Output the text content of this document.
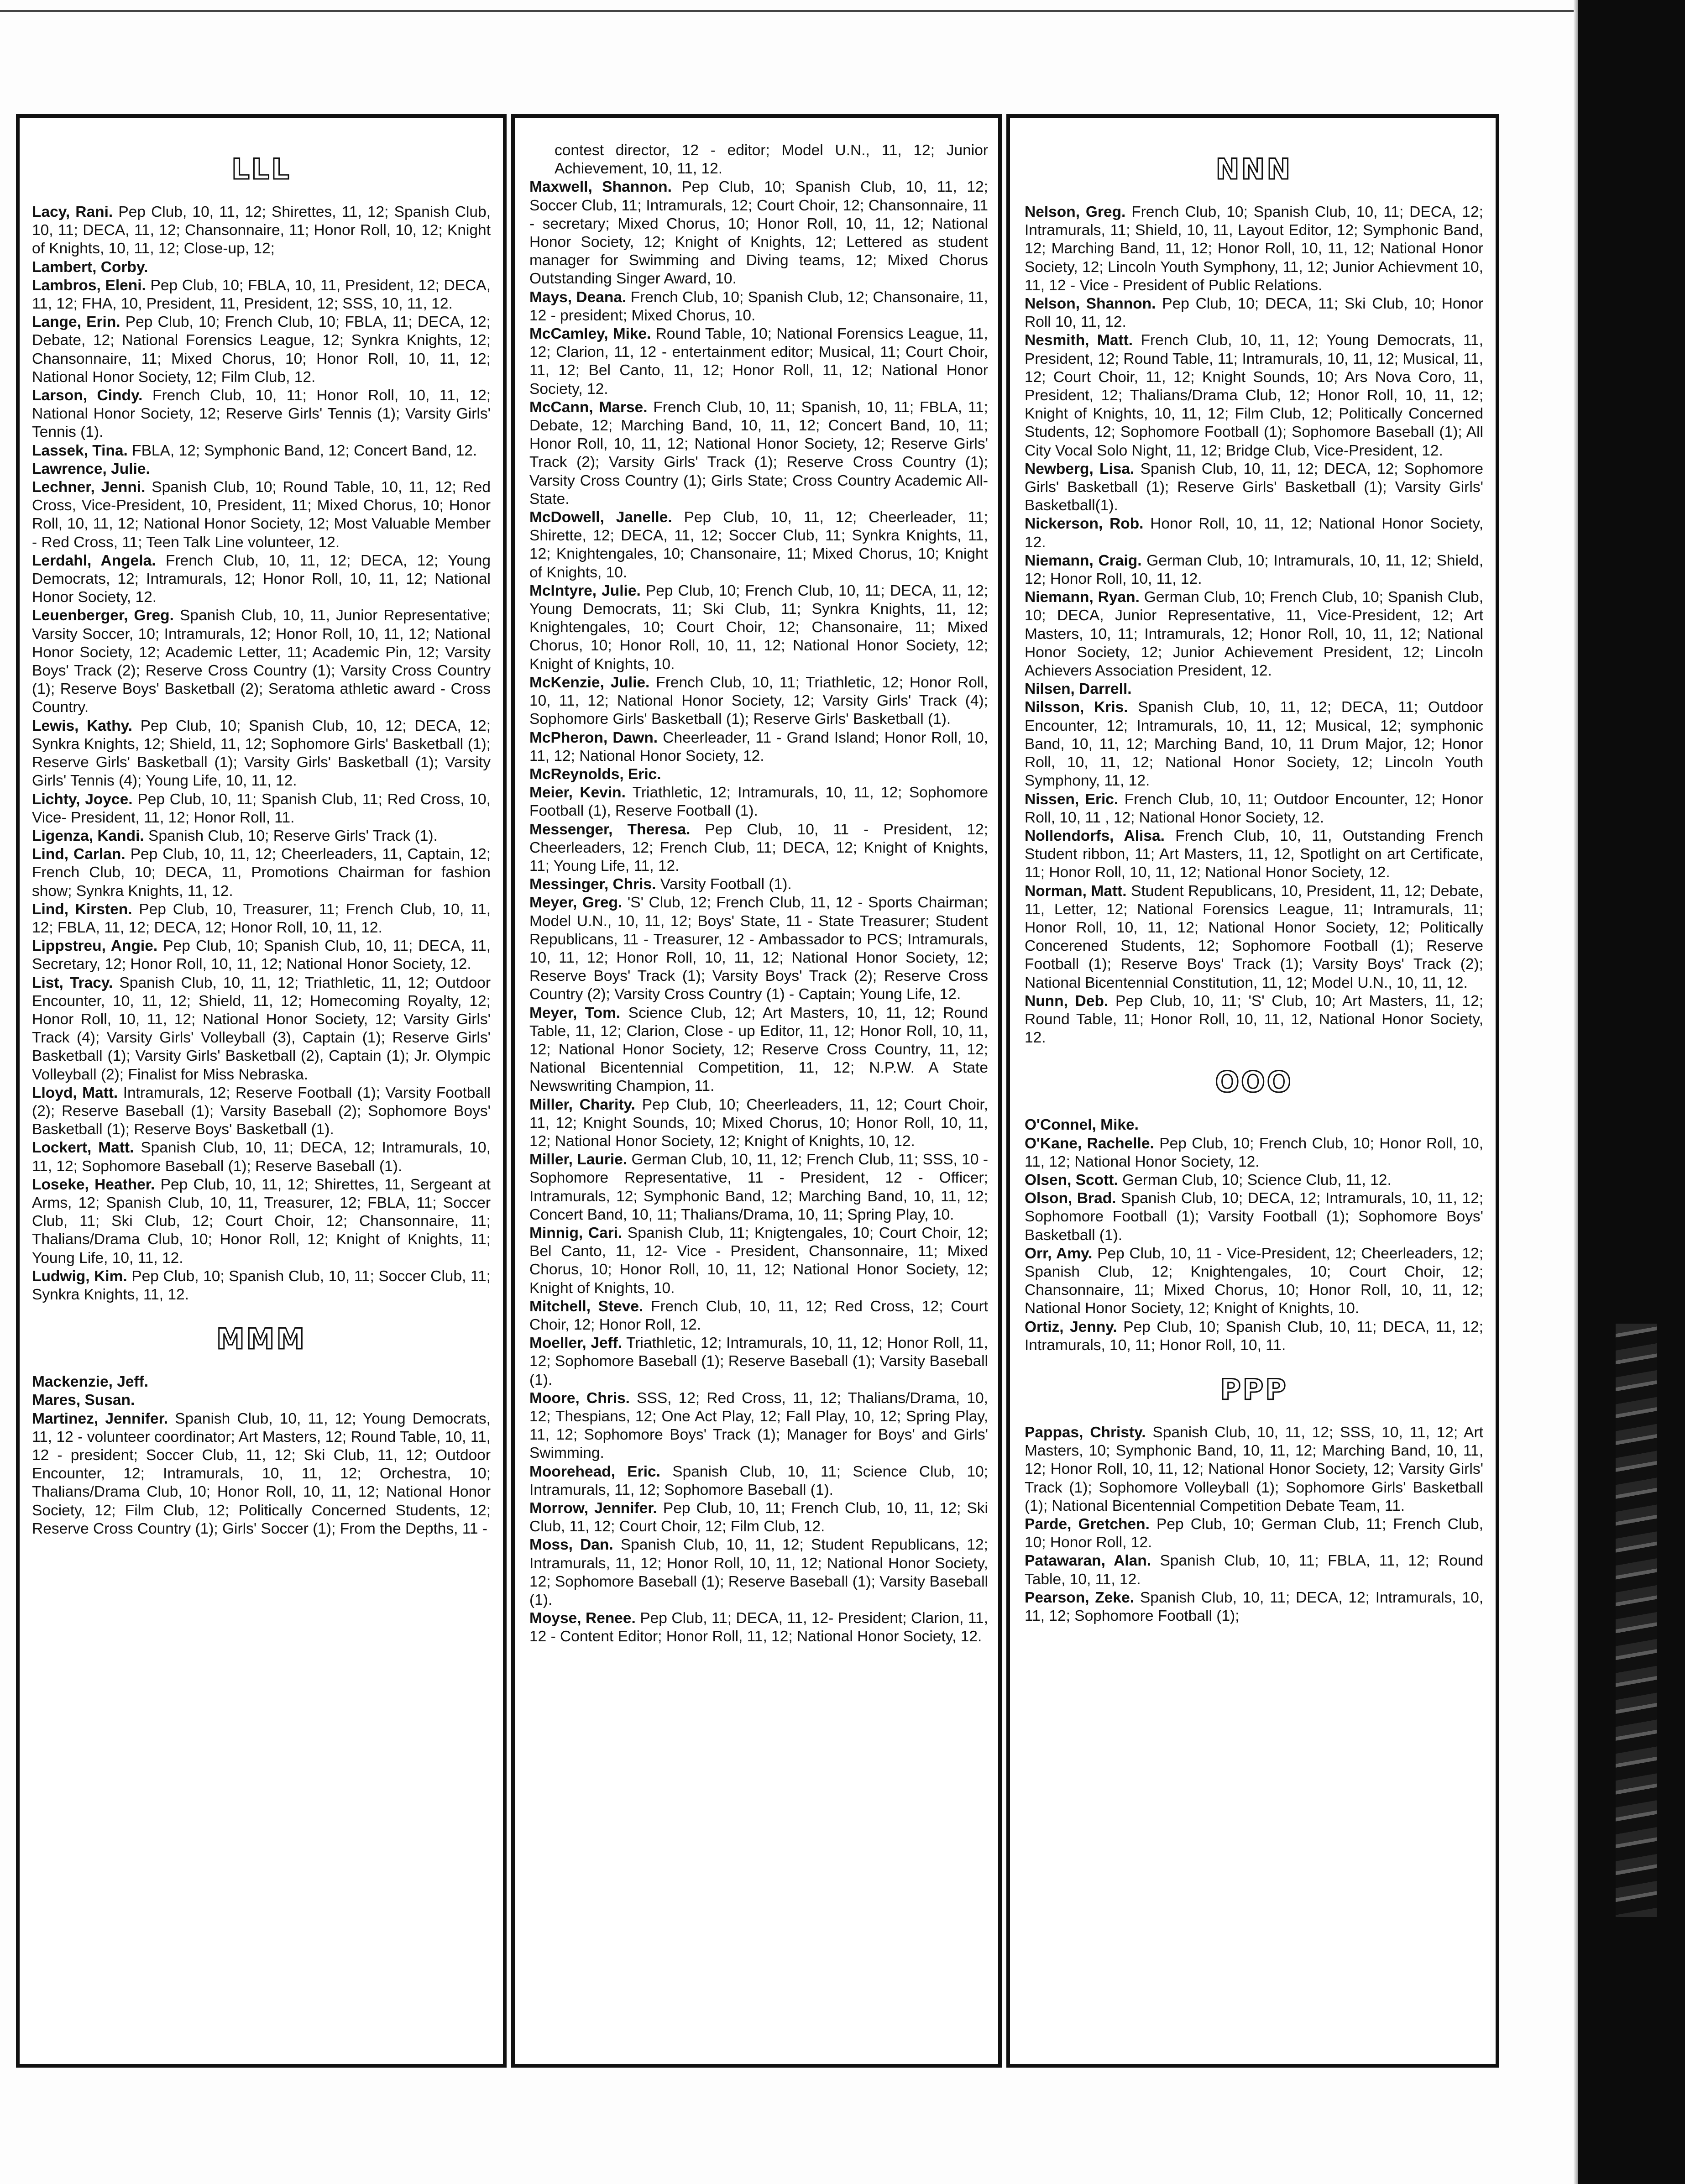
LLL

Lacy, Rani. Pep Club, 10, 11, 12; Shirettes, 11, 12; Spanish Club, 10, 11; DECA, 11, 12; Chansonnaire, 11; Honor Roll, 10, 12; Knight of Knights, 10, 11, 12; Close-up, 12;

Lambert, Corby.

Lambros, Eleni. Pep Club, 10; FBLA, 10, 11, President, 12; DECA, 11, 12; FHA, 10, President, 11, President, 12; SSS, 10, 11, 12.

Lange, Erin. Pep Club, 10; French Club, 10; FBLA, 11; DECA, 12; Debate, 12; National Forensics League, 12; Synkra Knights, 12; Chansonnaire, 11; Mixed Chorus, 10; Honor Roll, 10, 11, 12; National Honor Society, 12; Film Club, 12.

Larson, Cindy. French Club, 10, 11; Honor Roll, 10, 11, 12; National Honor Society, 12; Reserve Girls' Tennis (1); Varsity Girls' Tennis (1).

Lassek, Tina. FBLA, 12; Symphonic Band, 12; Concert Band, 12.

Lawrence, Julie.

Lechner, Jenni. Spanish Club, 10; Round Table, 10, 11, 12; Red Cross, Vice-President, 10, President, 11; Mixed Chorus, 10; Honor Roll, 10, 11, 12; National Honor Society, 12; Most Valuable Member - Red Cross, 11; Teen Talk Line volunteer, 12.

Lerdahl, Angela. French Club, 10, 11, 12; DECA, 12; Young Democrats, 12; Intramurals, 12; Honor Roll, 10, 11, 12; National Honor Society, 12.

Leuenberger, Greg. Spanish Club, 10, 11, Junior Representative; Varsity Soccer, 10; Intramurals, 12; Honor Roll, 10, 11, 12; National Honor Society, 12; Academic Letter, 11; Academic Pin, 12; Varsity Boys' Track (2); Reserve Cross Country (1); Varsity Cross Country (1); Reserve Boys' Basketball (2); Seratoma athletic award - Cross Country.

Lewis, Kathy. Pep Club, 10; Spanish Club, 10, 12; DECA, 12; Synkra Knights, 12; Shield, 11, 12; Sophomore Girls' Basketball (1); Reserve Girls' Basketball (1); Varsity Girls' Basketball (1); Varsity Girls' Tennis (4); Young Life, 10, 11, 12.

Lichty, Joyce. Pep Club, 10, 11; Spanish Club, 11; Red Cross, 10, Vice- President, 11, 12; Honor Roll, 11.

Ligenza, Kandi. Spanish Club, 10; Reserve Girls' Track (1).

Lind, Carlan. Pep Club, 10, 11, 12; Cheerleaders, 11, Captain, 12; French Club, 10; DECA, 11, Promotions Chairman for fashion show; Synkra Knights, 11, 12.

Lind, Kirsten. Pep Club, 10, Treasurer, 11; French Club, 10, 11, 12; FBLA, 11, 12; DECA, 12; Honor Roll, 10, 11, 12.

Lippstreu, Angie. Pep Club, 10; Spanish Club, 10, 11; DECA, 11, Secretary, 12; Honor Roll, 10, 11, 12; National Honor Society, 12.

List, Tracy. Spanish Club, 10, 11, 12; Triathletic, 11, 12; Outdoor Encounter, 10, 11, 12; Shield, 11, 12; Homecoming Royalty, 12; Honor Roll, 10, 11, 12; National Honor Society, 12; Varsity Girls' Track (4); Varsity Girls' Volleyball (3), Captain (1); Reserve Girls' Basketball (1); Varsity Girls' Basketball (2), Captain (1); Jr. Olympic Volleyball (2); Finalist for Miss Nebraska.

Lloyd, Matt. Intramurals, 12; Reserve Football (1); Varsity Football (2); Reserve Baseball (1); Varsity Baseball (2); Sophomore Boys' Basketball (1); Reserve Boys' Basketball (1).

Lockert, Matt. Spanish Club, 10, 11; DECA, 12; Intramurals, 10, 11, 12; Sophomore Baseball (1); Reserve Baseball (1).

Loseke, Heather. Pep Club, 10, 11, 12; Shirettes, 11, Sergeant at Arms, 12; Spanish Club, 10, 11, Treasurer, 12; FBLA, 11; Soccer Club, 11; Ski Club, 12; Court Choir, 12; Chansonnaire, 11; Thalians/Drama Club, 10; Honor Roll, 12; Knight of Knights, 11; Young Life, 10, 11, 12.

Ludwig, Kim. Pep Club, 10; Spanish Club, 10, 11; Soccer Club, 11; Synkra Knights, 11, 12.

MMM

Mackenzie, Jeff.

Mares, Susan.

Martinez, Jennifer. Spanish Club, 10, 11, 12; Young Democrats, 11, 12 - volunteer coordinator; Art Masters, 12; Round Table, 10, 11, 12 - president; Soccer Club, 11, 12; Ski Club, 11, 12; Outdoor Encounter, 12; Intramurals, 10, 11, 12; Orchestra, 10; Thalians/Drama Club, 10; Honor Roll, 10, 11, 12; National Honor Society, 12; Film Club, 12; Politically Concerned Students, 12; Reserve Cross Country (1); Girls' Soccer (1); From the Depths, 11 -

contest director, 12 - editor; Model U.N., 11, 12; Junior Achievement, 10, 11, 12.

Maxwell, Shannon. Pep Club, 10; Spanish Club, 10, 11, 12; Soccer Club, 11; Intramurals, 12; Court Choir, 12; Chansonnaire, 11 - secretary; Mixed Chorus, 10; Honor Roll, 10, 11, 12; National Honor Society, 12; Knight of Knights, 12; Lettered as student manager for Swimming and Diving teams, 12; Mixed Chorus Outstanding Singer Award, 10.

Mays, Deana. French Club, 10; Spanish Club, 12; Chansonaire, 11, 12 - president; Mixed Chorus, 10.

McCamley, Mike. Round Table, 10; National Forensics League, 11, 12; Clarion, 11, 12 - entertainment editor; Musical, 11; Court Choir, 11, 12; Bel Canto, 11, 12; Honor Roll, 11, 12; National Honor Society, 12.

McCann, Marse. French Club, 10, 11; Spanish, 10, 11; FBLA, 11; Debate, 12; Marching Band, 10, 11, 12; Concert Band, 10, 11; Honor Roll, 10, 11, 12; National Honor Society, 12; Reserve Girls' Track (2); Varsity Girls' Track (1); Reserve Cross Country (1); Varsity Cross Country (1); Girls State; Cross Country Academic All-State.

McDowell, Janelle. Pep Club, 10, 11, 12; Cheerleader, 11; Shirette, 12; DECA, 11, 12; Soccer Club, 11; Synkra Knights, 11, 12; Knightengales, 10; Chansonaire, 11; Mixed Chorus, 10; Knight of Knights, 10.

McIntyre, Julie. Pep Club, 10; French Club, 10, 11; DECA, 11, 12; Young Democrats, 11; Ski Club, 11; Synkra Knights, 11, 12; Knightengales, 10; Court Choir, 12; Chansonaire, 11; Mixed Chorus, 10; Honor Roll, 10, 11, 12; National Honor Society, 12; Knight of Knights, 10.

McKenzie, Julie. French Club, 10, 11; Triathletic, 12; Honor Roll, 10, 11, 12; National Honor Society, 12; Varsity Girls' Track (4); Sophomore Girls' Basketball (1); Reserve Girls' Basketball (1).

McPheron, Dawn. Cheerleader, 11 - Grand Island; Honor Roll, 10, 11, 12; National Honor Society, 12.

McReynolds, Eric.

Meier, Kevin. Triathletic, 12; Intramurals, 10, 11, 12; Sophomore Football (1), Reserve Football (1).

Messenger, Theresa. Pep Club, 10, 11 - President, 12; Cheerleaders, 12; French Club, 11; DECA, 12; Knight of Knights, 11; Young Life, 11, 12.

Messinger, Chris. Varsity Football (1).

Meyer, Greg. 'S' Club, 12; French Club, 11, 12 - Sports Chairman; Model U.N., 10, 11, 12; Boys' State, 11 - State Treasurer; Student Republicans, 11 - Treasurer, 12 - Ambassador to PCS; Intramurals, 10, 11, 12; Honor Roll, 10, 11, 12; National Honor Society, 12; Reserve Boys' Track (1); Varsity Boys' Track (2); Reserve Cross Country (2); Varsity Cross Country (1) - Captain; Young Life, 12.

Meyer, Tom. Science Club, 12; Art Masters, 10, 11, 12; Round Table, 11, 12; Clarion, Close - up Editor, 11, 12; Honor Roll, 10, 11, 12; National Honor Society, 12; Reserve Cross Country, 11, 12; National Bicentennial Competition, 11, 12; N.P.W. A State Newswriting Champion, 11.

Miller, Charity. Pep Club, 10; Cheerleaders, 11, 12; Court Choir, 11, 12; Knight Sounds, 10; Mixed Chorus, 10; Honor Roll, 10, 11, 12; National Honor Society, 12; Knight of Knights, 10, 12.

Miller, Laurie. German Club, 10, 11, 12; French Club, 11; SSS, 10 - Sophomore Representative, 11 - President, 12 - Officer; Intramurals, 12; Symphonic Band, 12; Marching Band, 10, 11, 12; Concert Band, 10, 11; Thalians/Drama, 10, 11; Spring Play, 10.

Minnig, Cari. Spanish Club, 11; Knigtengales, 10; Court Choir, 12; Bel Canto, 11, 12- Vice - President, Chansonnaire, 11; Mixed Chorus, 10; Honor Roll, 10, 11, 12; National Honor Society, 12; Knight of Knights, 10.

Mitchell, Steve. French Club, 10, 11, 12; Red Cross, 12; Court Choir, 12; Honor Roll, 12.

Moeller, Jeff. Triathletic, 12; Intramurals, 10, 11, 12; Honor Roll, 11, 12; Sophomore Baseball (1); Reserve Baseball (1); Varsity Baseball (1).

Moore, Chris. SSS, 12; Red Cross, 11, 12; Thalians/Drama, 10, 12; Thespians, 12; One Act Play, 12; Fall Play, 10, 12; Spring Play, 11, 12; Sophomore Boys' Track (1); Manager for Boys' and Girls' Swimming.

Moorehead, Eric. Spanish Club, 10, 11; Science Club, 10; Intramurals, 11, 12; Sophomore Baseball (1).

Morrow, Jennifer. Pep Club, 10, 11; French Club, 10, 11, 12; Ski Club, 11, 12; Court Choir, 12; Film Club, 12.

Moss, Dan. Spanish Club, 10, 11, 12; Student Republicans, 12; Intramurals, 11, 12; Honor Roll, 10, 11, 12; National Honor Society, 12; Sophomore Baseball (1); Reserve Baseball (1); Varsity Baseball (1).

Moyse, Renee. Pep Club, 11; DECA, 11, 12- President; Clarion, 11, 12 - Content Editor; Honor Roll, 11, 12; National Honor Society, 12.

NNN

Nelson, Greg. French Club, 10; Spanish Club, 10, 11; DECA, 12; Intramurals, 11; Shield, 10, 11, Layout Editor, 12; Symphonic Band, 12; Marching Band, 11, 12; Honor Roll, 10, 11, 12; National Honor Society, 12; Lincoln Youth Symphony, 11, 12; Junior Achievment 10, 11, 12 - Vice - President of Public Relations.

Nelson, Shannon. Pep Club, 10; DECA, 11; Ski Club, 10; Honor Roll 10, 11, 12.

Nesmith, Matt. French Club, 10, 11, 12; Young Democrats, 11, President, 12; Round Table, 11; Intramurals, 10, 11, 12; Musical, 11, 12; Court Choir, 11, 12; Knight Sounds, 10; Ars Nova Coro, 11, President, 12; Thalians/Drama Club, 12; Honor Roll, 10, 11, 12; Knight of Knights, 10, 11, 12; Film Club, 12; Politically Concerned Students, 12; Sophomore Football (1); Sophomore Baseball (1); All City Vocal Solo Night, 11, 12; Bridge Club, Vice-President, 12.

Newberg, Lisa. Spanish Club, 10, 11, 12; DECA, 12; Sophomore Girls' Basketball (1); Reserve Girls' Basketball (1); Varsity Girls' Basketball(1).

Nickerson, Rob. Honor Roll, 10, 11, 12; National Honor Society, 12.

Niemann, Craig. German Club, 10; Intramurals, 10, 11, 12; Shield, 12; Honor Roll, 10, 11, 12.

Niemann, Ryan. German Club, 10; French Club, 10; Spanish Club, 10; DECA, Junior Representative, 11, Vice-President, 12; Art Masters, 10, 11; Intramurals, 12; Honor Roll, 10, 11, 12; National Honor Society, 12; Junior Achievement President, 12; Lincoln Achievers Association President, 12.

Nilsen, Darrell.

Nilsson, Kris. Spanish Club, 10, 11, 12; DECA, 11; Outdoor Encounter, 12; Intramurals, 10, 11, 12; Musical, 12; symphonic Band, 10, 11, 12; Marching Band, 10, 11 Drum Major, 12; Honor Roll, 10, 11, 12; National Honor Society, 12; Lincoln Youth Symphony, 11, 12.

Nissen, Eric. French Club, 10, 11; Outdoor Encounter, 12; Honor Roll, 10, 11 , 12; National Honor Society, 12.

Nollendorfs, Alisa. French Club, 10, 11, Outstanding French Student ribbon, 11; Art Masters, 11, 12, Spotlight on art Certificate, 11; Honor Roll, 10, 11, 12; National Honor Society, 12.

Norman, Matt. Student Republicans, 10, President, 11, 12; Debate, 11, Letter, 12; National Forensics League, 11; Intramurals, 11; Honor Roll, 10, 11, 12; National Honor Society, 12; Politically Concerened Students, 12; Sophomore Football (1); Reserve Football (1); Reserve Boys' Track (1); Varsity Boys' Track (2); National Bicentennial Constitution, 11, 12; Model U.N., 10, 11, 12.

Nunn, Deb. Pep Club, 10, 11; 'S' Club, 10; Art Masters, 11, 12; Round Table, 11; Honor Roll, 10, 11, 12, National Honor Society, 12.

OOO

O'Connel, Mike.

O'Kane, Rachelle. Pep Club, 10; French Club, 10; Honor Roll, 10, 11, 12; National Honor Society, 12.

Olsen, Scott. German Club, 10; Science Club, 11, 12.

Olson, Brad. Spanish Club, 10; DECA, 12; Intramurals, 10, 11, 12; Sophomore Football (1); Varsity Football (1); Sophomore Boys' Basketball (1).

Orr, Amy. Pep Club, 10, 11 - Vice-President, 12; Cheerleaders, 12; Spanish Club, 12; Knightengales, 10; Court Choir, 12; Chansonnaire, 11; Mixed Chorus, 10; Honor Roll, 10, 11, 12; National Honor Society, 12; Knight of Knights, 10.

Ortiz, Jenny. Pep Club, 10; Spanish Club, 10, 11; DECA, 11, 12; Intramurals, 10, 11; Honor Roll, 10, 11.

PPP

Pappas, Christy. Spanish Club, 10, 11, 12; SSS, 10, 11, 12; Art Masters, 10; Symphonic Band, 10, 11, 12; Marching Band, 10, 11, 12; Honor Roll, 10, 11, 12; National Honor Society, 12; Varsity Girls' Track (1); Sophomore Volleyball (1); Sophomore Girls' Basketball (1); National Bicentennial Competition Debate Team, 11.

Parde, Gretchen. Pep Club, 10; German Club, 11; French Club, 10; Honor Roll, 12.

Patawaran, Alan. Spanish Club, 10, 11; FBLA, 11, 12; Round Table, 10, 11, 12.

Pearson, Zeke. Spanish Club, 10, 11; DECA, 12; Intramurals, 10, 11, 12; Sophomore Football (1);
